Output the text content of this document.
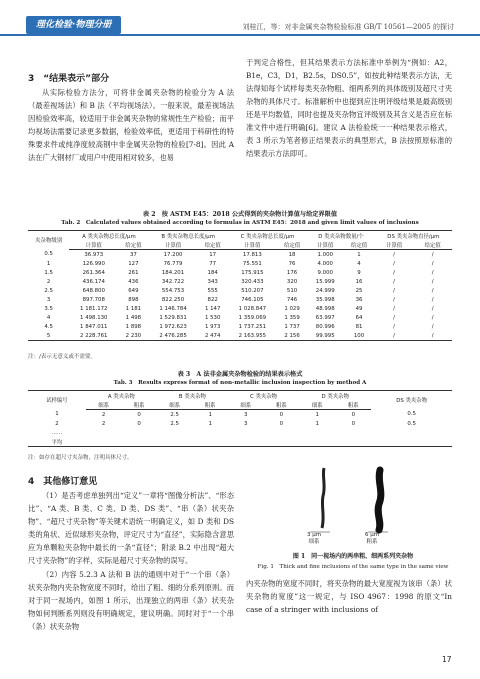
理化检验·物理分册	刘桂江，等：对非金属夹杂物检验标准 GB/T 10561—2005 的探讨
3　“结果表示”部分
从实际检验方法分，可将非金属夹杂物的检验分为 A 法（最差视场法）和 B 法（平均视场法）。一般来说，最差视场法因检验效率高，较适用于非金属夹杂物的常规性生产检验；而平均视场法需要记录更多数据，检验效率低，更适用于科研性的特殊要求件或纯净度较高钢中非金属夹杂物的检验[7-8]。因此 A 法在广大钢材厂或用户中使用相对较多，也易
于判定合格性，但其结果表示方法标准中举例为“例如：A2，B1e，C3，D1，B2.5s，DS0.5”，如按此种结果表示方法，无法得知每个试样每类夹杂物粗、细两系列的具体级别及超尺寸夹杂物的具体尺寸。标准解析中也提到应注明评级结果是最高级别还是平均数值，同时也提及夹杂物宜评级别及其含义是否应在标准文件中进行明确[6]。建议 A 法检验统一一种结果表示格式，表 3 所示为笔者修正结果表示的典型形式，B 法按照原标准的结果表示方法即可。
表 2　按 ASTM E45：2018 公式得到的夹杂物计算值与给定界限值
Tab. 2　Calculated values obtained according to formulas in ASTM E45：2018 and given limit values of inclusions
夹杂物级别	A 类夹杂物总长度/μm		B 类夹杂物总长度/μm		C 类夹杂物总长度/μm		D 类夹杂物数量/个		DS 类夹杂物直径/μm	
	计算值	给定值	计算值	给定值	计算值	给定值	计算值	给定值	计算值	给定值
0.5	36.973	37	17.200	17	17.813	18	1.000	1	/	/
1	126.990	127	76.779	77	75.551	76	4.000	4	/	/
1.5	261.364	261	184.201	184	175.915	176	9.000	9	/	/
2	436.174	436	342.722	343	320.433	320	15.999	16	/	/
2.5	648.800	649	554.753	555	510.207	510	24.999	25	/	/
3	897.708	898	822.250	822	746.105	746	35.998	36	/	/
3.5	1 181.172	1 181	1 146.784	1 147	1 028.847	1 029	48.998	49	/	/
4	1 498.130	1 498	1 529.831	1 530	1 359.069	1 359	63.997	64	/	/
4.5	1 847.011	1 898	1 972.623	1 973	1 737.251	1 737	80.996	81	/	/
5	2 228.761	2 230	2 476.285	2 474	2 163.955	2 156	99.995	100	/	/
注：/表示无意义或不需要。
表 3　A 法非金属夹杂物检验的结果表示格式
Tab. 3　Results express format of non-metallic inclusion inspection by method A
试样编号	A 类夹杂物		B 类夹杂物		C 类夹杂物		D 类夹杂物		DS 类夹杂物
	细系	粗系	细系	粗系	细系	粗系	细系	粗系	
1	2	0	2.5	1	3	0	1	0	0.5
2	2	0	2.5	1	3	0	1	0	0.5
……									
平均									
注：如存在超尺寸夹杂物，注明具体尺寸。
4　其他修订意见
（1）是否考虑单独列出“定义”一章将“图像分析法”、“形态比”、“A 类、B 类、C 类、D 类、DS 类”、“串（条）状夹杂物”、“超尺寸夹杂物”等关键术语统一明确定义，如 D 类和 DS 类的角状、近似球形夹杂物，评定尺寸为“直径”，实际隐含意思应为单颗粒夹杂物中最长的一条“直径”；附录 B.2 中出现“超大尺寸夹杂物”的字样，实际是超尺寸夹杂物的误写。
（2）内容 5.2.3 A 法和 B 法的通则中对于“一个串（条）状夹杂物内夹杂物宽度不同时，给出了粗、细的分系列原则。而对于同一视场内，如图 1 所示，出现独立的两串（条）状夹杂物如何判断系列则没有明确规定，建议明确。同时对于“一个串（条）状夹杂物
3 μm
细系
6 μm
粗系
图 1　同一视场内的两串粗、细两系列夹杂物
Fig. 1　Thick and fine inclusions of the same type in the same view
内夹杂物的宽度不同时，将夹杂物的最大宽度视为该串（条）状夹杂物的宽度”这一规定，与 ISO 4967：1998 的原文“In case of a stringer with inclusions of
17
